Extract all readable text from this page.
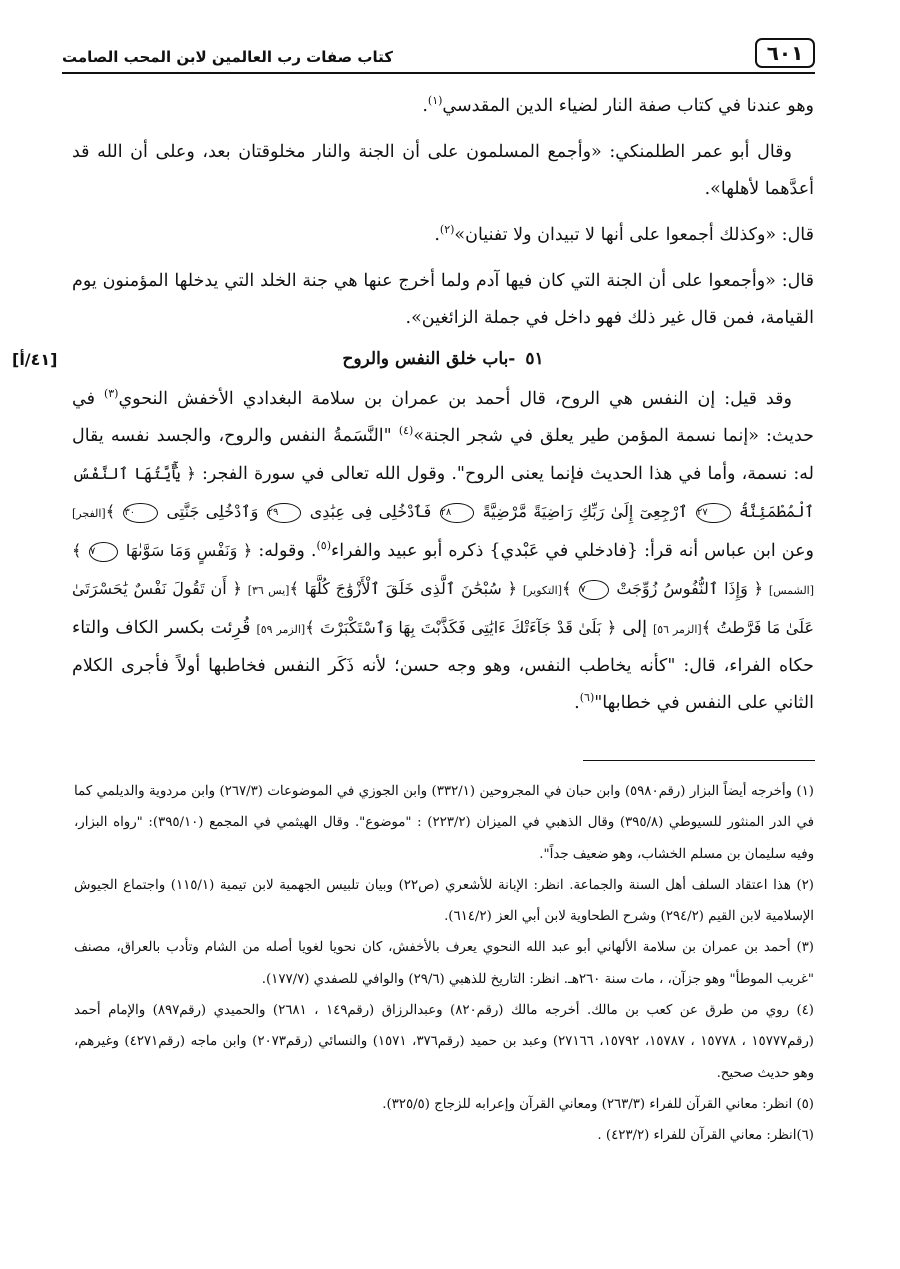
٦٠١
كتاب صفات رب العالمين لابن المحب الصامت

وهو عندنا في كتاب صفة النار لضياء الدين المقدسي$^{(١)}$.

وقال أبو عمر الطلمنكي: «وأجمع المسلمون على أن الجنة والنار مخلوقتان بعد، وعلى أن الله قد أعدَّهما لأهلها».

قال: «وكذلك أجمعوا على أنها لا تبيدان ولا تفنيان»$^{(٢)}$.

قال: «وأجمعوا على أن الجنة التي كان فيها آدم ولما أخرج عنها هي جنة الخلد التي يدخلها المؤمنون يوم القيامة، فمن قال غير ذلك فهو داخل في جملة الزائغين».

٥١-باب خلق النفس والروح
[٤١/أ]

وقد قيل: إن النفس هي الروح، قال أحمد بن عمران بن سلامة البغدادي الأخفش النحوي$^{(٣)}$ في حديث: «إنما نسمة المؤمن طير يعلق في شجر الجنة»$^{(٤)}$ "النَّسَمةُ النفس والروح، والجسد نفسه يقال له: نسمة، وأما في هذا الحديث فإنما يعنى الروح". وقول الله تعالى في سورة الفجر: ﴿ يَٰٓأَيَّتُهَا ٱلنَّفْسُ ٱلْمُطْمَئِنَّةُ ٢٧ ٱرْجِعِىٓ إِلَىٰ رَبِّكِ رَاضِيَةً مَّرْضِيَّةً ٢٨ فَٱدْخُلِى فِى عِبَٰدِى ٢٩ وَٱدْخُلِى جَنَّتِى ٣٠ ﴾[الفجر] وعن ابن عباس أنه قرأ: {فادخلي في عَبْدي} ذكره أبو عبيد والفراء$^{(٥)}$. وقوله: ﴿ وَنَفْسٍ وَمَا سَوَّىٰهَا ٧ ﴾[الشمس] ﴿ وَإِذَا ٱلنُّفُوسُ زُوِّجَتْ ٧ ﴾[التكوير] ﴿ سُبْحَٰنَ ٱلَّذِى خَلَقَ ٱلْأَزْوَٰجَ كُلَّهَا ﴾[يس ٣٦] ﴿ أَن تَقُولَ نَفْسٌ يَٰحَسْرَتَىٰ عَلَىٰ مَا فَرَّطتُ ﴾[الزمر ٥٦] إلى ﴿ بَلَىٰ قَدْ جَآءَتْكَ ءَايَٰتِى فَكَذَّبْتَ بِهَا وَٱسْتَكْبَرْتَ ﴾[الزمر ٥٩] قُرِئت بكسر الكاف والتاء حكاه الفراء، قال: "كأنه يخاطب النفس، وهو وجه حسن؛ لأنه ذَكَر النفس فخاطبها أولاً فأجرى الكلام الثاني على النفس في خطابها"$^{(٦)}$.

(١) وأخرجه أيضاً البزار (رقم٥٩٨٠) وابن حبان في المجروحين (٣٣٢/١) وابن الجوزي في الموضوعات (٢٦٧/٣) وابن مردوية والديلمي كما في الدر المنثور للسيوطي (٣٩٥/٨) وقال الذهبي في الميزان (٢٢٣/٢) : "موضوع". وقال الهيثمي في المجمع (٣٩٥/١٠): "رواه البزار، وفيه سليمان بن مسلم الخشاب، وهو ضعيف جداً".

(٢) هذا اعتقاد السلف أهل السنة والجماعة. انظر: الإبانة للأشعري (ص٢٢) وبيان تلبيس الجهمية لابن تيمية (١١٥/١) واجتماع الجيوش الإسلامية لابن القيم (٢٩٤/٢) وشرح الطحاوية لابن أبي العز (٦١٤/٢).

(٣) أحمد بن عمران بن سلامة الألهاني أبو عبد الله النحوي يعرف بالأخفش، كان نحويا لغويا أصله من الشام وتأدب بالعراق، مصنف "غريب الموطأ" وهو جزآن، ، مات سنة ٢٦٠هـ. انظر: التاريخ للذهبي (٢٩/٦) والوافي للصفدي (١٧٧/٧).

(٤) روي من طرق عن كعب بن مالك. أخرجه مالك (رقم٨٢٠) وعبدالرزاق (رقم١٤٩ ، ٢٦٨١) والحميدي (رقم٨٩٧) والإمام أحمد (رقم١٥٧٧٧ ، ١٥٧٧٨ ، ١٥٧٨٧، ١٥٧٩٢، ٢٧١٦٦) وعبد بن حميد (رقم٣٧٦، ١٥٧١) والنسائي (رقم٢٠٧٣) وابن ماجه (رقم٤٢٧١) وغيرهم، وهو حديث صحيح.

(٥) انظر: معاني القرآن للفراء (٢٦٣/٣) ومعاني القرآن وإعرابه للزجاج (٣٢٥/٥).

(٦)انظر: معاني القرآن للفراء (٤٢٣/٢) .
